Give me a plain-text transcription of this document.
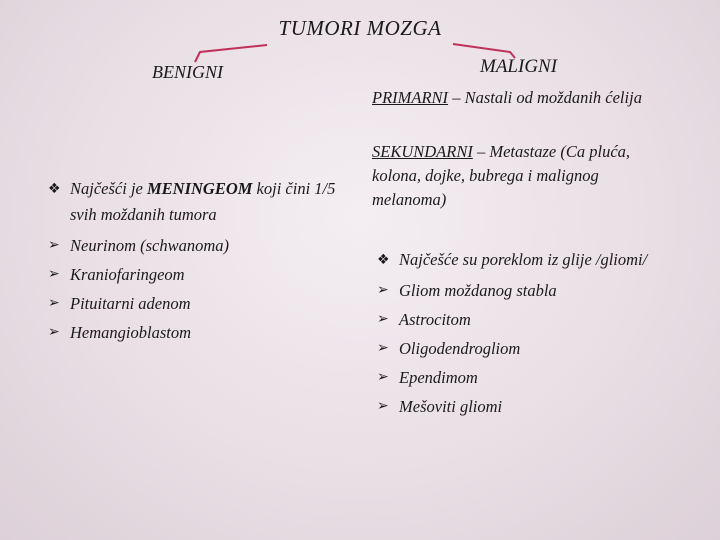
TUMORI MOZGA
BENIGNI	MALIGNI
❖ Najčešći je MENINGEOM koji čini 1/5 svih moždanih tumora
➢ Neurinom (schwanoma)
➢ Kraniofaringeom
➢ Pituitarni adenom
➢ Hemangioblastom
PRIMARNI – Nastali od moždanih ćelija
SEKUNDARNI – Metastaze (Ca pluća, kolona, dojke, bubrega i malignog melanoma)
❖ Najčešće su poreklom iz glije /gliomi/
➢ Gliom moždanog stabla
➢ Astrocitom
➢ Oligodendrogliom
➢ Ependimom
➢ Mešoviti gliomi
